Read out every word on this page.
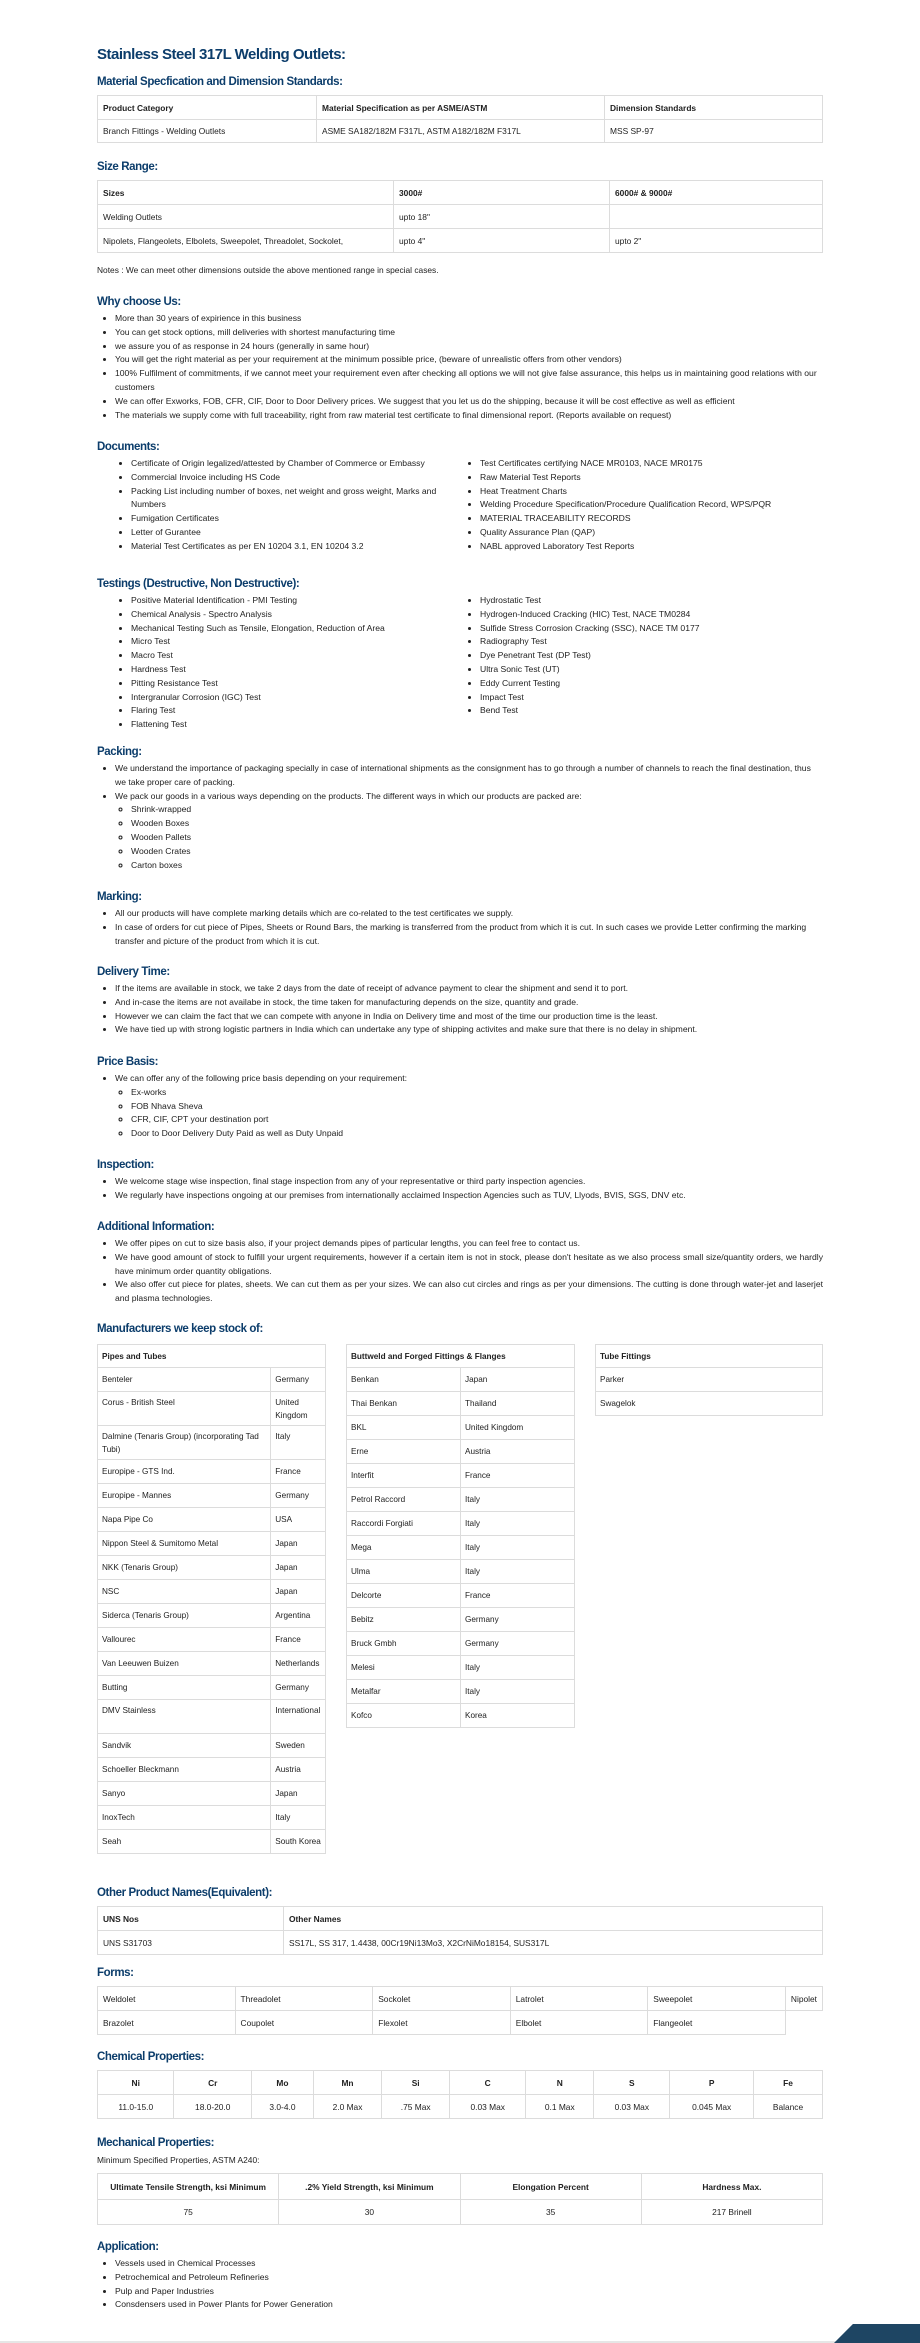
Stainless Steel 317L Welding Outlets:
Material Specfication and Dimension Standards:
Product Category	Material Specification as per ASME/ASTM	Dimension Standards
Branch Fittings - Welding Outlets	ASME SA182/182M F317L, ASTM A182/182M F317L	MSS SP-97
Size Range:
Sizes	3000#	6000# & 9000#
Welding Outlets	upto 18"	
Nipolets, Flangeolets, Elbolets, Sweepolet, Threadolet, Sockolet,	upto 4"	upto 2"
Notes : We can meet other dimensions outside the above mentioned range in special cases.
Why choose Us:
• More than 30 years of expirience in this business
• You can get stock options, mill deliveries with shortest manufacturing time
• we assure you of as response in 24 hours (generally in same hour)
• You will get the right material as per your requirement at the minimum possible price, (beware of unrealistic offers from other vendors)
• 100% Fulfilment of commitments, if we cannot meet your requirement even after checking all options we will not give false assurance, this helps us in maintaining good relations with our customers
• We can offer Exworks, FOB, CFR, CIF, Door to Door Delivery prices. We suggest that you let us do the shipping, because it will be cost effective as well as efficient
• The materials we supply come with full traceability, right from raw material test certificate to final dimensional report. (Reports available on request)
Documents:
• Certificate of Origin legalized/attested by Chamber of Commerce or Embassy
• Commercial Invoice including HS Code
• Packing List including number of boxes, net weight and gross weight, Marks and Numbers
• Fumigation Certificates
• Letter of Gurantee
• Material Test Certificates as per EN 10204 3.1, EN 10204 3.2
• Test Certificates certifying NACE MR0103, NACE MR0175
• Raw Material Test Reports
• Heat Treatment Charts
• Welding Procedure Specification/Procedure Qualification Record, WPS/PQR
• MATERIAL TRACEABILITY RECORDS
• Quality Assurance Plan (QAP)
• NABL approved Laboratory Test Reports
Testings (Destructive, Non Destructive):
• Positive Material Identification - PMI Testing
• Chemical Analysis - Spectro Analysis
• Mechanical Testing Such as Tensile, Elongation, Reduction of Area
• Micro Test
• Macro Test
• Hardness Test
• Pitting Resistance Test
• Intergranular Corrosion (IGC) Test
• Flaring Test
• Flattening Test
• Hydrostatic Test
• Hydrogen-Induced Cracking (HIC) Test, NACE TM0284
• Sulfide Stress Corrosion Cracking (SSC), NACE TM 0177
• Radiography Test
• Dye Penetrant Test (DP Test)
• Ultra Sonic Test (UT)
• Eddy Current Testing
• Impact Test
• Bend Test
Packing:
• We understand the importance of packaging specially in case of international shipments as the consignment has to go through a number of channels to reach the final destination, thus we take proper care of packing.
• We pack our goods in a various ways depending on the products. The different ways in which our products are packed are:
◦ Shrink-wrapped
◦ Wooden Boxes
◦ Wooden Pallets
◦ Wooden Crates
◦ Carton boxes
Marking:
• All our products will have complete marking details which are co-related to the test certificates we supply.
• In case of orders for cut piece of Pipes, Sheets or Round Bars, the marking is transferred from the product from which it is cut. In such cases we provide Letter confirming the marking transfer and picture of the product from which it is cut.
Delivery Time:
• If the items are available in stock, we take 2 days from the date of receipt of advance payment to clear the shipment and send it to port.
• And in-case the items are not availabe in stock, the time taken for manufacturing depends on the size, quantity and grade.
• However we can claim the fact that we can compete with anyone in India on Delivery time and most of the time our production time is the least.
• We have tied up with strong logistic partners in India which can undertake any type of shipping activites and make sure that there is no delay in shipment.
Price Basis:
• We can offer any of the following price basis depending on your requirement:
◦ Ex-works
◦ FOB Nhava Sheva
◦ CFR, CIF, CPT your destination port
◦ Door to Door Delivery Duty Paid as well as Duty Unpaid
Inspection:
• We welcome stage wise inspection, final stage inspection from any of your representative or third party inspection agencies.
• We regularly have inspections ongoing at our premises from internationally acclaimed Inspection Agencies such as TUV, Llyods, BVIS, SGS, DNV etc.
Additional Information:
• We offer pipes on cut to size basis also, if your project demands pipes of particular lengths, you can feel free to contact us.
• We have good amount of stock to fulfill your urgent requirements, however if a certain item is not in stock, please don't hesitate as we also process small size/quantity orders, we hardly have minimum order quantity obligations.
• We also offer cut piece for plates, sheets. We can cut them as per your sizes. We can also cut circles and rings as per your dimensions. The cutting is done through water-jet and laserjet and plasma technologies.
Manufacturers we keep stock of:
Pipes and Tubes	
Benteler	Germany
Corus - British Steel	United Kingdom
Dalmine (Tenaris Group) (incorporating Tad Tubi)	Italy
Europipe - GTS Ind.	France
Europipe - Mannes	Germany
Napa Pipe Co	USA
Nippon Steel & Sumitomo Metal	Japan
NKK (Tenaris Group)	Japan
NSC	Japan
Siderca (Tenaris Group)	Argentina
Vallourec	France
Van Leeuwen Buizen	Netherlands
Butting	Germany
DMV Stainless	International
Sandvik	Sweden
Schoeller Bleckmann	Austria
Sanyo	Japan
InoxTech	Italy
Seah	South Korea
Buttweld and Forged Fittings & Flanges	
Benkan	Japan
Thai Benkan	Thailand
BKL	United Kingdom
Erne	Austria
Interfit	France
Petrol Raccord	Italy
Raccordi Forgiati	Italy
Mega	Italy
Ulma	Italy
Delcorte	France
Bebitz	Germany
Bruck Gmbh	Germany
Melesi	Italy
Metalfar	Italy
Kofco	Korea
Tube Fittings
Parker
Swagelok
Other Product Names(Equivalent):
UNS Nos	Other Names
UNS S31703	SS17L, SS 317, 1.4438, 00Cr19Ni13Mo3, X2CrNiMo18154, SUS317L
Forms:
Weldolet	Threadolet	Sockolet	Latrolet	Sweepolet	Nipolet
Brazolet	Coupolet	Flexolet	Elbolet	Flangeolet	
Chemical Properties:
Ni	Cr	Mo	Mn	Si	C	N	S	P	Fe
11.0-15.0	18.0-20.0	3.0-4.0	2.0 Max	.75 Max	0.03 Max	0.1 Max	0.03 Max	0.045 Max	Balance
Mechanical Properties:
Minimum Specified Properties, ASTM A240:
Ultimate Tensile Strength, ksi Minimum	.2% Yield Strength, ksi Minimum	Elongation Percent	Hardness Max.
75	30	35	217 Brinell
Application:
• Vessels used in Chemical Processes
• Petrochemical and Petroleum Refineries
• Pulp and Paper Industries
• Consdensers used in Power Plants for Power Generation
